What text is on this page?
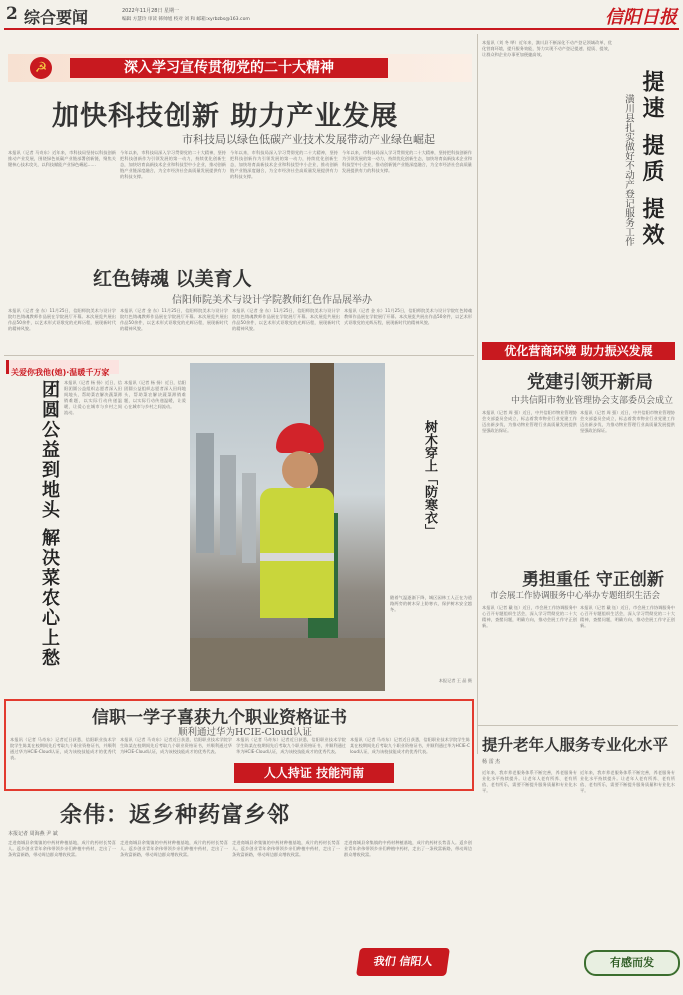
2 综合要闻	2022年11月28日 星期一
编辑 方慧玲 审读 韩帅旭 校对 刘 和 邮箱:xyrbzbs@163.com	信阳日报
☭	深入学习宣传贯彻党的二十大精神
加快科技创新 助力产业发展
市科技局以绿色低碳产业技术发展带动产业绿色崛起
本报讯（记者 马奇东）近年来，市科技局坚持以科技创新推动产业发展，围绕绿色低碳产业链部署创新链，聚焦关键核心技术攻关，以科技赋能产业绿色崛起……
今年以来，市科技局深入学习贯彻党的二十大精神，坚持把科技创新作为引领发展的第一动力，持续优化创新生态，加快培育高新技术企业和科技型中小企业，推动创新链产业链深度融合，为全市经济社会高质量发展提供有力的科技支撑。
今年以来，市科技局深入学习贯彻党的二十大精神，坚持把科技创新作为引领发展的第一动力，持续优化创新生态，加快培育高新技术企业和科技型中小企业，推动创新链产业链深度融合，为全市经济社会高质量发展提供有力的科技支撑。
今年以来，市科技局深入学习贯彻党的二十大精神，坚持把科技创新作为引领发展的第一动力，持续优化创新生态，加快培育高新技术企业和科技型中小企业，推动创新链产业链深度融合，为全市经济社会高质量发展提供有力的科技支撑。
红色铸魂 以美育人
信阳师院美术与设计学院教师红色作品展举办
本报讯（记者 金 东）11月25日，信阳师院美术与设计学院红色铸魂教师作品展在学院展厅开幕。本次展览共展出作品50余件，以艺术形式讴歌党的光辉历程，展现新时代的精神风貌。
本报讯（记者 金 东）11月25日，信阳师院美术与设计学院红色铸魂教师作品展在学院展厅开幕。本次展览共展出作品50余件，以艺术形式讴歌党的光辉历程，展现新时代的精神风貌。
本报讯（记者 金 东）11月25日，信阳师院美术与设计学院红色铸魂教师作品展在学院展厅开幕。本次展览共展出作品50余件，以艺术形式讴歌党的光辉历程，展现新时代的精神风貌。
本报讯（记者 金 东）11月25日，信阳师院美术与设计学院红色铸魂教师作品展在学院展厅开幕。本次展览共展出作品50余件，以艺术形式讴歌党的光辉历程，展现新时代的精神风貌。
本报讯（刘 冬 哗）近年来，潢川县不断深化不动产登记领域改革，优化营商环境，提升服务效能，努力实现不动产登记提速、提质、提效，让群众和企业办事更加便捷高效。
提速 提质 提效
潢川县扎实做好不动产登记服务工作
优化营商环境 助力振兴发展
关爱你我他(她)·温暖千万家
团圆公益到地头 解决菜农心上愁 本报讯（记者 杨 扬）近日，信阳团圆公益组织志愿者深入田间地头，帮助菜农解决蔬菜滞销难题，以实际行动传递温暖，让爱心在城市与乡村之间流动。
本报讯（记者 杨 扬）近日，信阳团圆公益组织志愿者深入田间地头，帮助菜农解决蔬菜滞销难题，以实际行动传递温暖，让爱心在城市与乡村之间流动。
树木穿上「防寒衣」
随着气温逐渐下降，城区园林工人正在为道路两旁的树木穿上防寒衣，保护树木安全越冬。
本报记者 王 晶 摄
党建引领开新局
中共信阳市物业管理协会支部委员会成立
本报讯（记者 周 强）近日，中共信阳市物业管理协会支部委员会成立，标志着我市物业行业党建工作迈出新步伐，为推动物业管理行业高质量发展提供坚强政治保证。
本报讯（记者 周 强）近日，中共信阳市物业管理协会支部委员会成立，标志着我市物业行业党建工作迈出新步伐，为推动物业管理行业高质量发展提供坚强政治保证。
勇担重任 守正创新
市会展工作协调服务中心举办专题组织生活会
本报讯（记者 戴 钰）近日，市会展工作协调服务中心召开专题组织生活会，深入学习贯彻党的二十大精神，查摆问题，明确方向，推动会展工作守正创新。
本报讯（记者 戴 钰）近日，市会展工作协调服务中心召开专题组织生活会，深入学习贯彻党的二十大精神，查摆问题，明确方向，推动会展工作守正创新。
信职一学子喜获九个职业资格证书
顺利通过华为HCIE-Cloud认证
本报讯（记者 马奇东）记者近日获悉，信阳职业技术学院学生陈某在校期间先后考取九个职业资格证书，并顺利通过华为HCIE-Cloud认证，成为该校技能成才的优秀代表。
本报讯（记者 马奇东）记者近日获悉，信阳职业技术学院学生陈某在校期间先后考取九个职业资格证书，并顺利通过华为HCIE-Cloud认证，成为该校技能成才的优秀代表。
本报讯（记者 马奇东）记者近日获悉，信阳职业技术学院学生陈某在校期间先后考取九个职业资格证书，并顺利通过华为HCIE-Cloud认证，成为该校技能成才的优秀代表。
本报讯（记者 马奇东）记者近日获悉，信阳职业技术学院学生陈某在校期间先后考取九个职业资格证书，并顺利通过华为HCIE-Cloud认证，成为该校技能成才的优秀代表。
人人持证 技能河南
提升老年人服务专业化水平
杨 雷 杰
近年来，我市养老服务体系不断完善，养老服务专业化水平持续提升。让老年人老有所养、老有所依、老有所乐，需要不断提升服务质量和专业化水平。
近年来，我市养老服务体系不断完善，养老服务专业化水平持续提升。让老年人老有所养、老有所依、老有所乐，需要不断提升服务质量和专业化水平。
余伟：返乡种药富乡邻
本报记者 周海燕 尹 斌
走进商城县余集镇的中药材种植基地，成片的药材长势喜人。返乡创业青年余伟带领乡亲们种植中药材，走出了一条致富新路，带动周边群众增收致富。
走进商城县余集镇的中药材种植基地，成片的药材长势喜人。返乡创业青年余伟带领乡亲们种植中药材，走出了一条致富新路，带动周边群众增收致富。
走进商城县余集镇的中药材种植基地，成片的药材长势喜人。返乡创业青年余伟带领乡亲们种植中药材，走出了一条致富新路，带动周边群众增收致富。
走进商城县余集镇的中药材种植基地，成片的药材长势喜人。返乡创业青年余伟带领乡亲们种植中药材，走出了一条致富新路，带动周边群众增收致富。
我们 信阳人	有感而发
